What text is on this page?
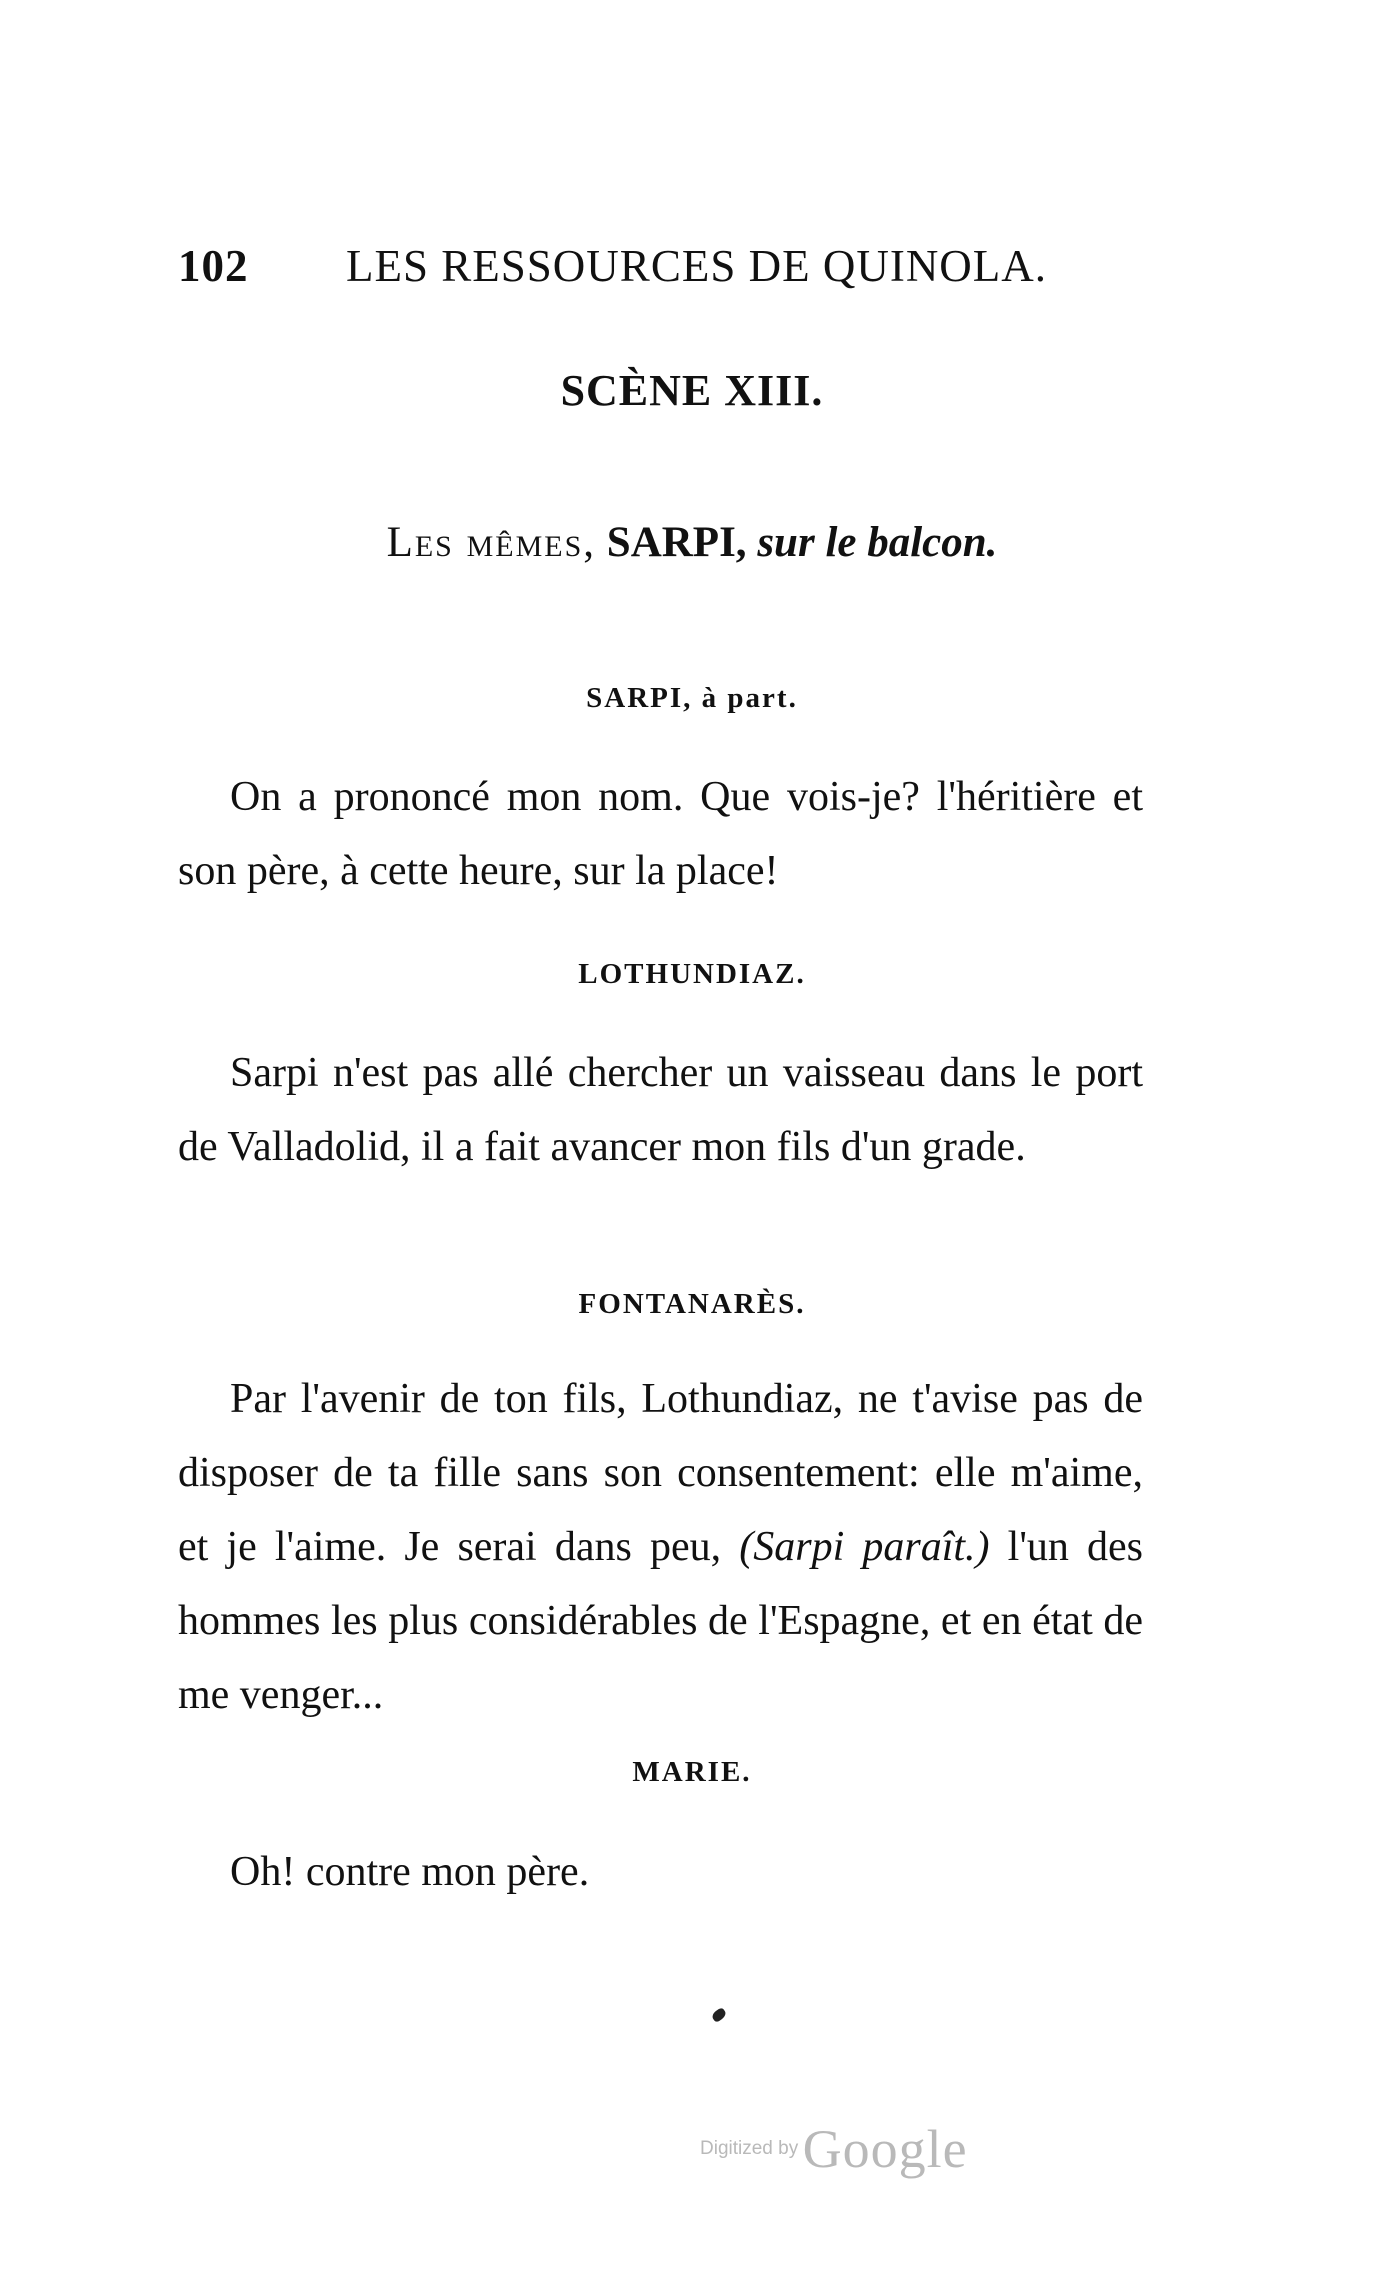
102 LES RESSOURCES DE QUINOLA.
SCÈNE XIII.
Les mêmes, SARPI, sur le balcon.
SARPI, à part.
On a prononcé mon nom. Que vois-je? l'héritière et son père, à cette heure, sur la place!
LOTHUNDIAZ.
Sarpi n'est pas allé chercher un vaisseau dans le port de Valladolid, il a fait avancer mon fils d'un grade.
FONTANARÈS.
Par l'avenir de ton fils, Lothundiaz, ne t'avise pas de disposer de ta fille sans son consentement: elle m'aime, et je l'aime. Je serai dans peu, (Sarpi paraît.) l'un des hommes les plus considérables de l'Espagne, et en état de me venger...
MARIE.
Oh! contre mon père.
Digitized by Google
